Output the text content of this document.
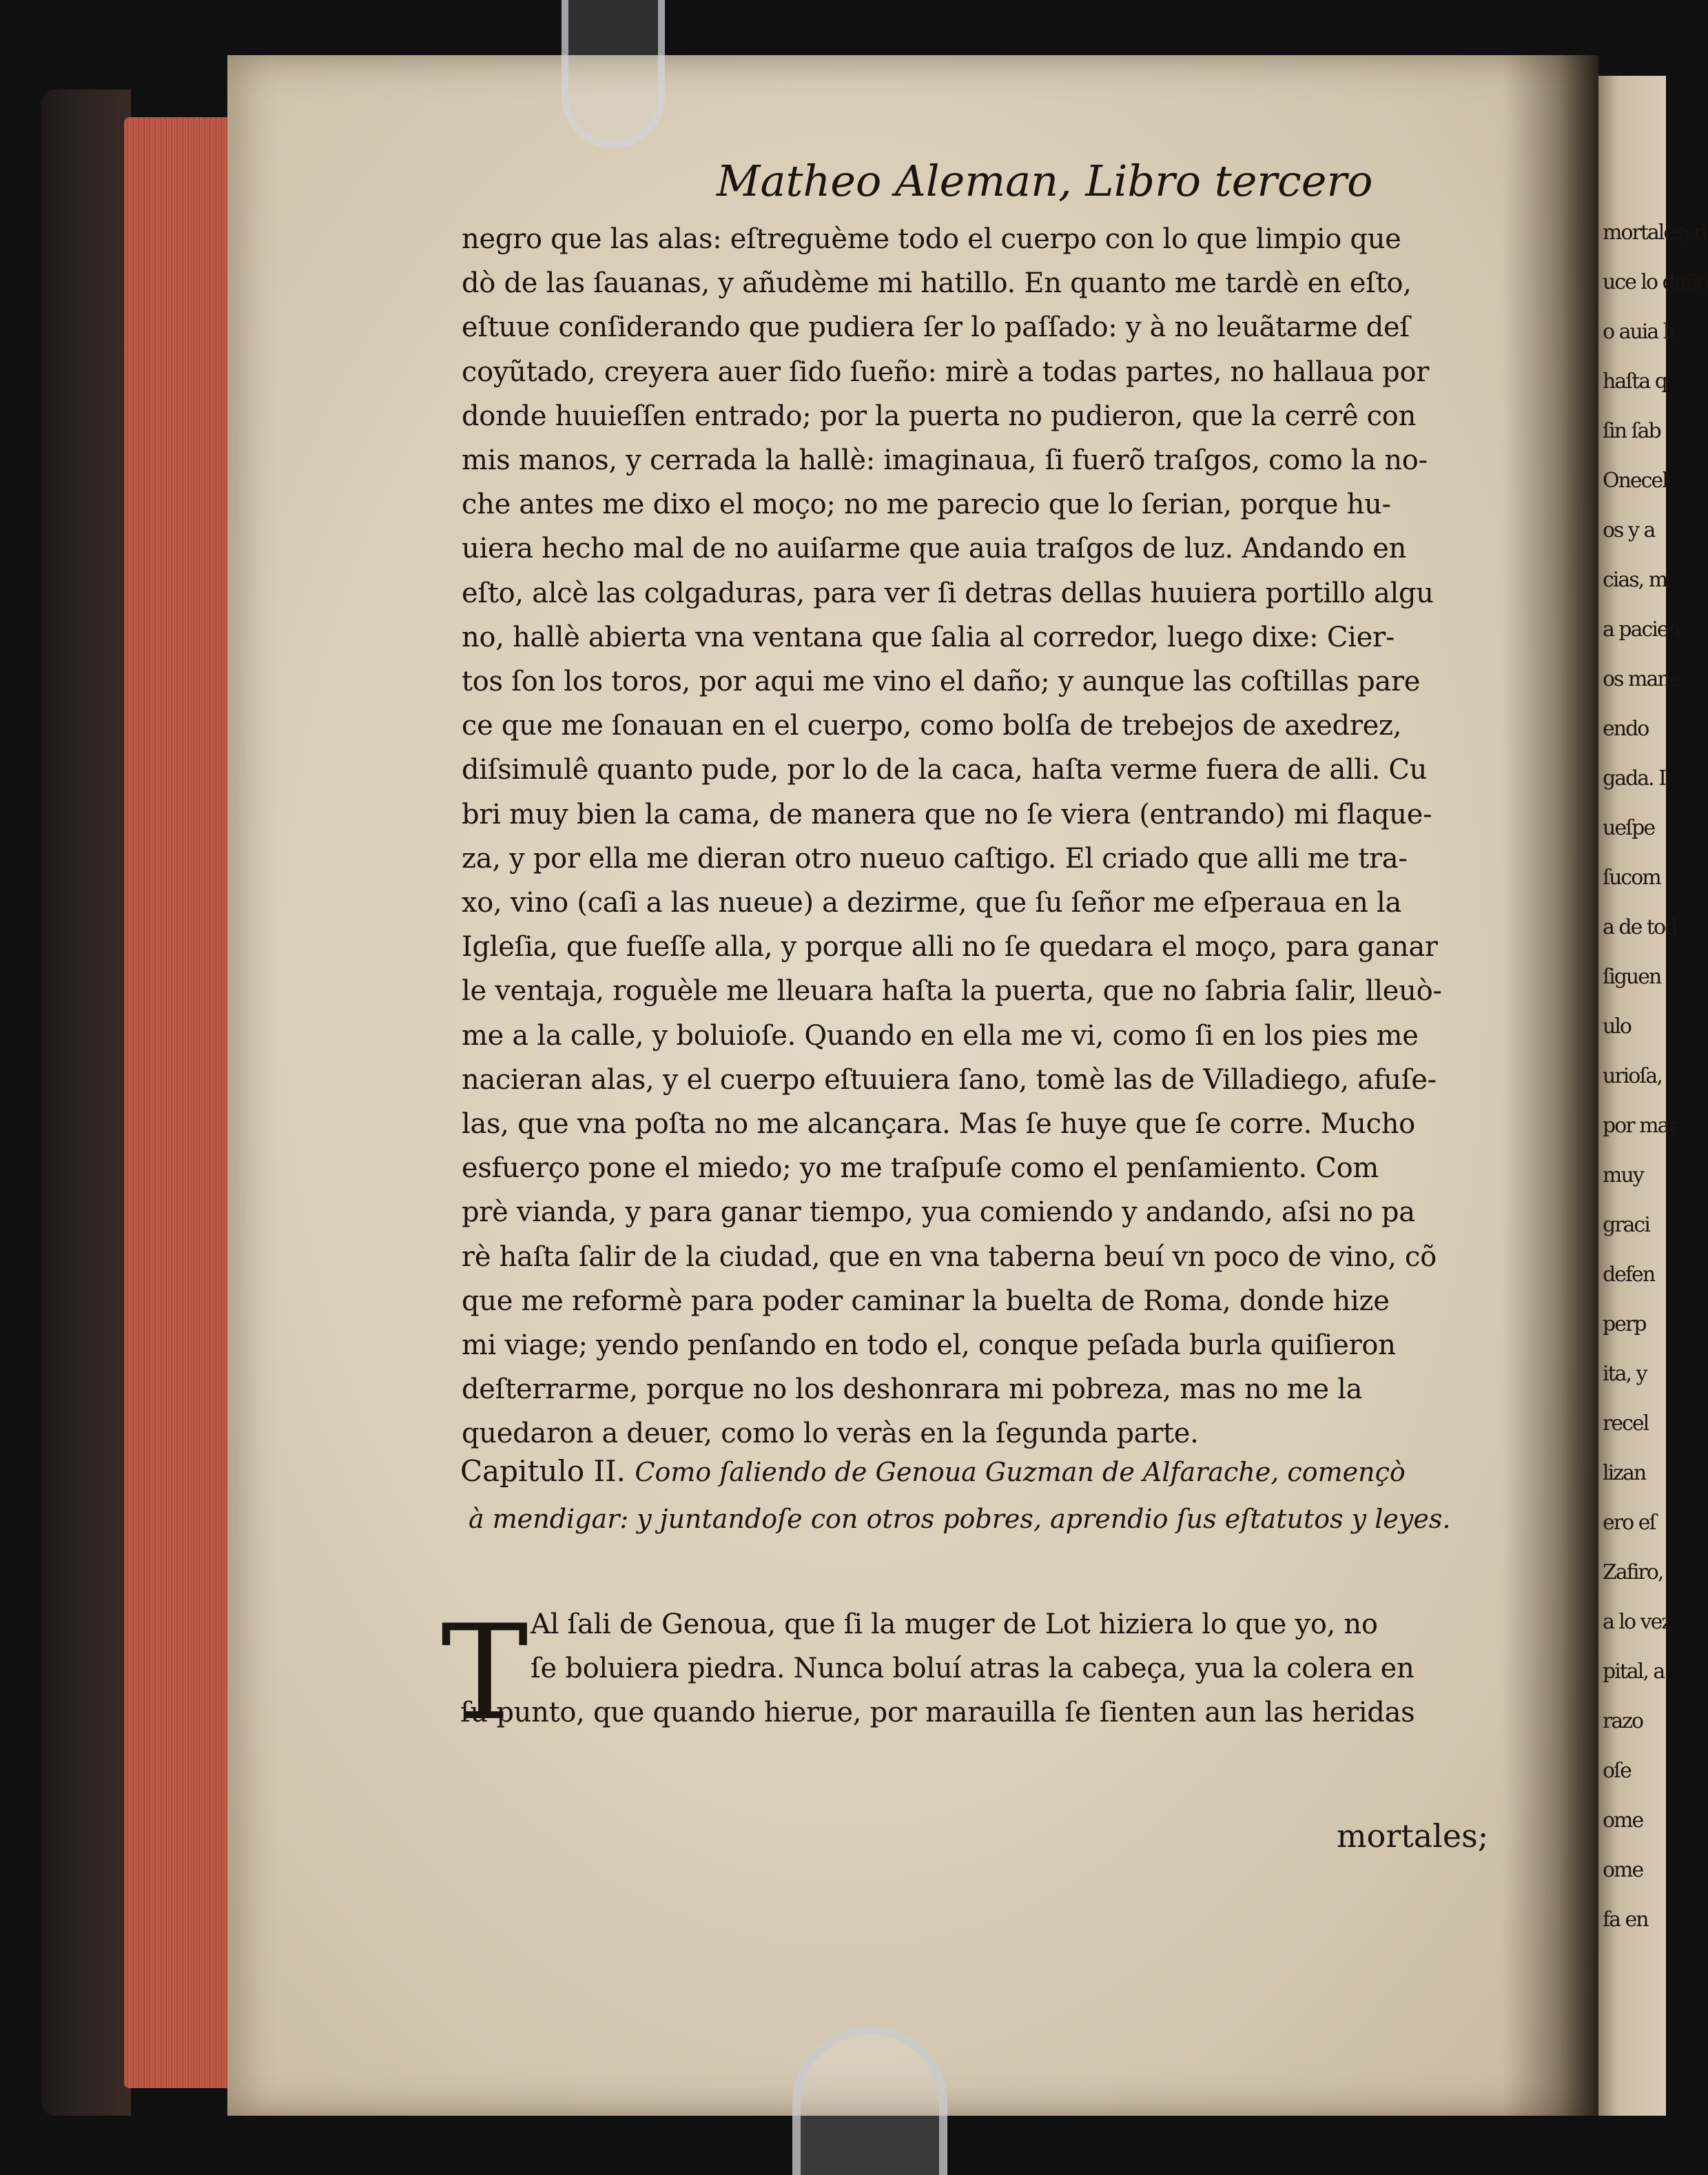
mortales; d
uce lo daño
o auia li
haſta q
ſin ſab
Onecel
os y a
cias, m
a pacien
os mane
endo
gada. I
ueſpe
ſucom
a de tod
ſiguen
ulo
urioſa,
por mar
muy
graci
defen
perp
ita, y
recel
lizan
ero eſ
Zafiro,
a lo vez
pital, a
razo
oſe
ome
ome
fa en
Matheo Aleman, Libro tercero
negro que las alas: eſtreguème todo el cuerpo con lo que limpio que
dò de las ſauanas, y añudème mi hatillo. En quanto me tardè en eſto,
eſtuue conſiderando que pudiera ſer lo paſſado: y à no leuãtarme deſ
coyũtado, creyera auer ſido ſueño: mirè a todas partes, no hallaua por
donde huuieſſen entrado; por la puerta no pudieron, que la cerrê con
mis manos, y cerrada la hallè: imaginaua, ſi fuerõ traſgos, como la no-
che antes me dixo el moço; no me parecio que lo ſerian, porque hu-
uiera hecho mal de no auiſarme que auia traſgos de luz. Andando en
eſto, alcè las colgaduras, para ver ſi detras dellas huuiera portillo algu
no, hallè abierta vna ventana que ſalia al corredor, luego dixe: Cier-
tos ſon los toros, por aqui me vino el daño; y aunque las coſtillas pare
ce que me ſonauan en el cuerpo, como bolſa de trebejos de axedrez,
diſsimulê quanto pude, por lo de la caca, haſta verme fuera de alli. Cu
bri muy bien la cama, de manera que no ſe viera (entrando) mi flaque-
za, y por ella me dieran otro nueuo caſtigo. El criado que alli me tra-
xo, vino (caſi a las nueue) a dezirme, que ſu ſeñor me eſperaua en la
Igleſia, que fueſſe alla, y porque alli no ſe quedara el moço, para ganar
le ventaja, roguèle me lleuara haſta la puerta, que no ſabria ſalir, lleuò-
me a la calle, y boluioſe. Quando en ella me vi, como ſi en los pies me
nacieran alas, y el cuerpo eſtuuiera ſano, tomè las de Villadiego, afuſe-
las, que vna poſta no me alcançara. Mas ſe huye que ſe corre. Mucho
esfuerço pone el miedo; yo me traſpuſe como el penſamiento. Com
prè vianda, y para ganar tiempo, yua comiendo y andando, aſsi no pa
rè haſta ſalir de la ciudad, que en vna taberna beuí vn poco de vino, cõ
que me reformè para poder caminar la buelta de Roma, donde hize
mi viage; yendo penſando en todo el, conque peſada burla quiſieron
deſterrarme, porque no los deshonrara mi pobreza, mas no me la
quedaron a deuer, como lo veràs en la ſegunda parte.
Capitulo II. Como ſaliendo de Genoua Guzman de Alfarache, començò
à mendigar: y juntandoſe con otros pobres, aprendio ſus eſtatutos y leyes.
T Al ſali de Genoua, que ſi la muger de Lot hiziera lo que yo, no
ſe boluiera piedra. Nunca boluí atras la cabeça, yua la colera en
ſu punto, que quando hierue, por marauilla ſe ſienten aun las heridas
mortales;
